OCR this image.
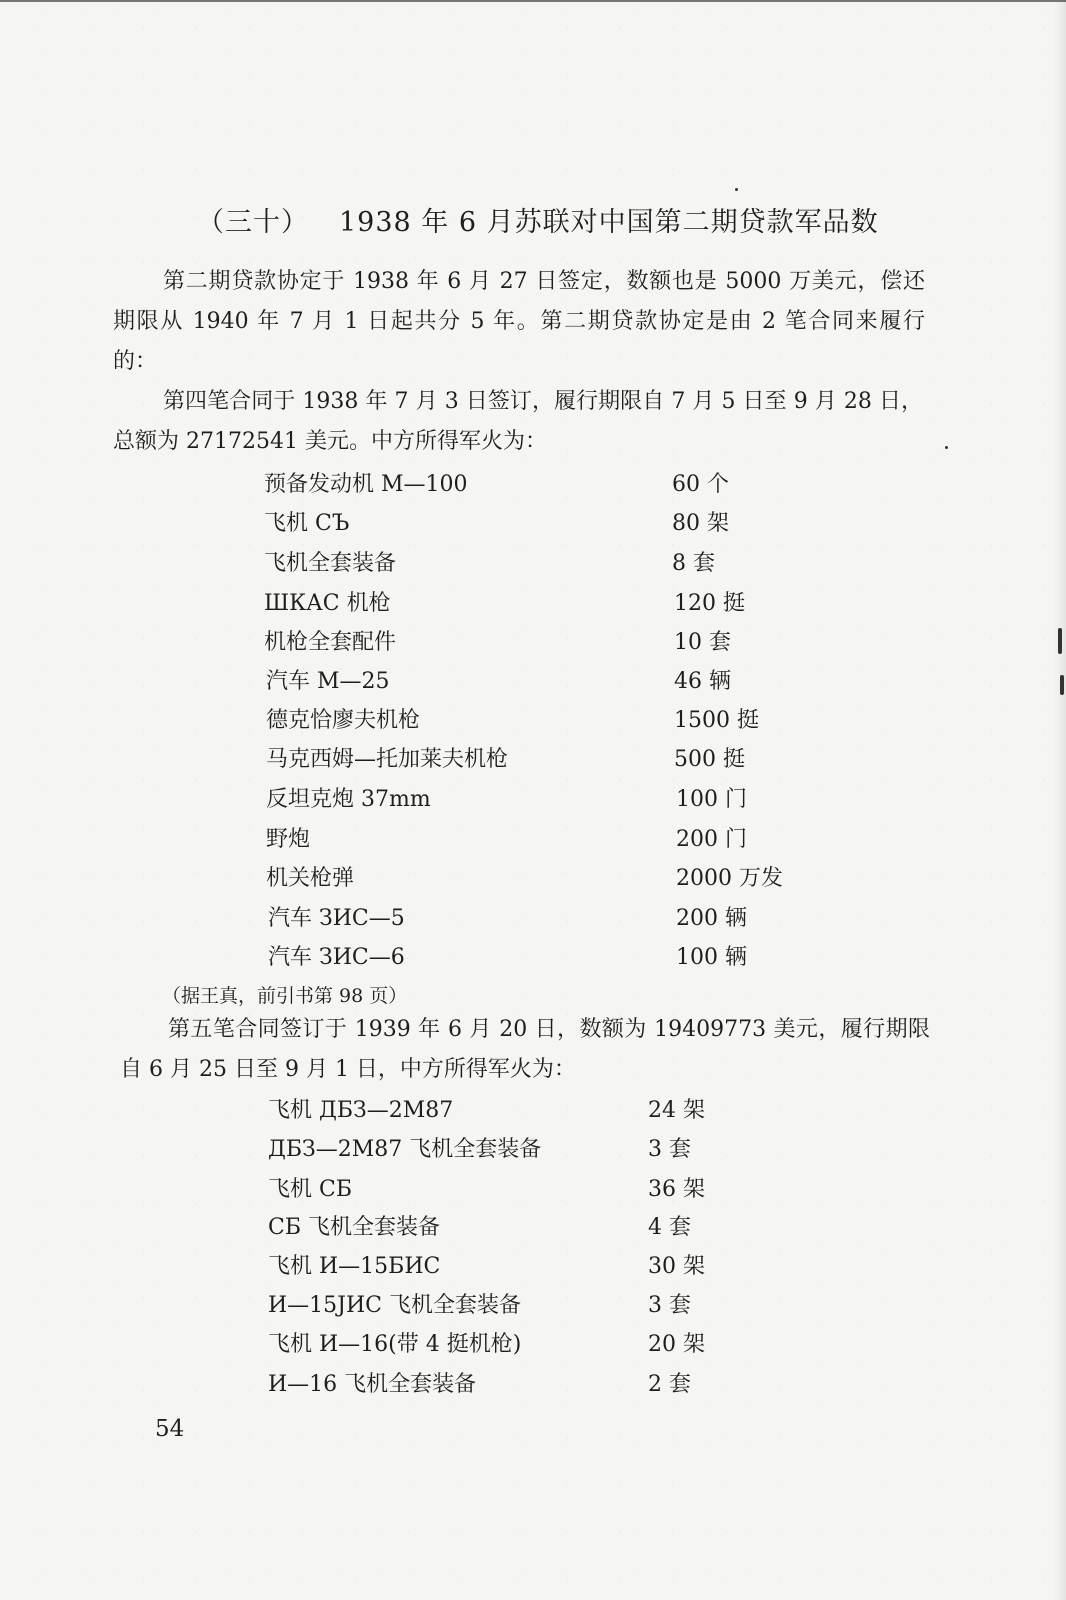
（三十） 1938 年 6 月苏联对中国第二期贷款军品数
第二期贷款协定于 1938 年 6 月 27 日签定，数额也是 5000 万美元，偿还
期限从 1940 年 7 月 1 日起共分 5 年。第二期贷款协定是由 2 笔合同来履行
的：
第四笔合同于 1938 年 7 月 3 日签订，履行期限自 7 月 5 日至 9 月 28 日，
总额为 27172541 美元。中方所得军火为：
预备发动机 M—100	60 个
飞机 CЪ	80 架
飞机全套装备	8 套
ШКАС 机枪	120 挺
机枪全套配件	10 套
汽车 M—25	46 辆
德克恰廖夫机枪	1500 挺
马克西姆—托加莱夫机枪	500 挺
反坦克炮 37mm	100 门
野炮	200 门
机关枪弹	2000 万发
汽车 ЗИС—5	200 辆
汽车 ЗИС—6	100 辆
（据王真，前引书第 98 页）
第五笔合同签订于 1939 年 6 月 20 日，数额为 19409773 美元，履行期限
自 6 月 25 日至 9 月 1 日，中方所得军火为：
飞机 ДБЗ—2M87	24 架
ДБЗ—2M87 飞机全套装备	3 套
飞机 CБ	36 架
CБ 飞机全套装备	4 套
飞机 И—15БИС	30 架
И—15JИС 飞机全套装备	3 套
飞机 И—16(带 4 挺机枪)	20 架
И—16 飞机全套装备	2 套
54
